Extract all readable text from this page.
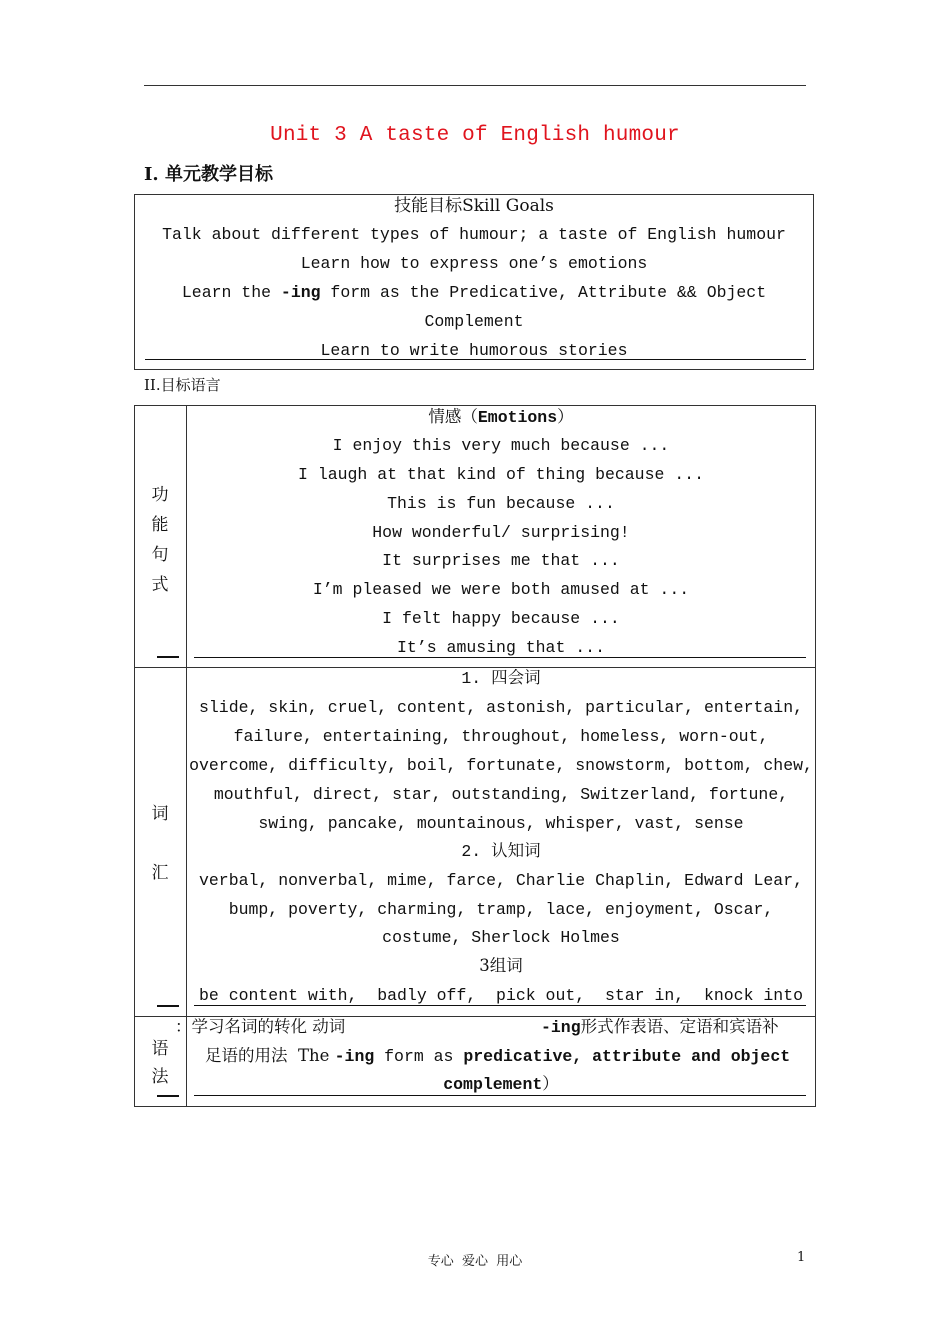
Unit 3 A taste of English humour
I. 单元教学目标
技能目标Skill Goals
Talk about different types of humour; a taste of English humour
Learn how to express one’s emotions
Learn the -ing form as the Predicative, Attribute && Object
Complement
Learn to write humorous stories
II.目标语言
功
能
句
式
情感（Emotions）
I enjoy this very much because ...
I laugh at that kind of thing because ...
This is fun because ...
How wonderful/ surprising!
It surprises me that ...
I’m pleased we were both amused at ...
I felt happy because ...
It’s amusing that ...
词
汇
1. 四会词
slide, skin, cruel, content, astonish, particular, entertain,
failure, entertaining, throughout, homeless, worn-out,
overcome, difficulty, boil, fortunate, snowstorm, bottom, chew,
mouthful, direct, star, outstanding, Switzerland, fortune,
swing, pancake, mountainous, whisper, vast, sense
2. 认知词
verbal, nonverbal, mime, farce, Charlie Chaplin, Edward Lear,
bump, poverty, charming, tramp, lace, enjoyment, Oscar,
costume, Sherlock Holmes
3组词
be content with,  badly off,  pick out,  star in,  knock into
语
法
：学习名词的转化 动词	-ing形式作表语、定语和宾语补
足语的用法  The -ing form as predicative, attribute and object
complement）
专心  爱心  用心	1
